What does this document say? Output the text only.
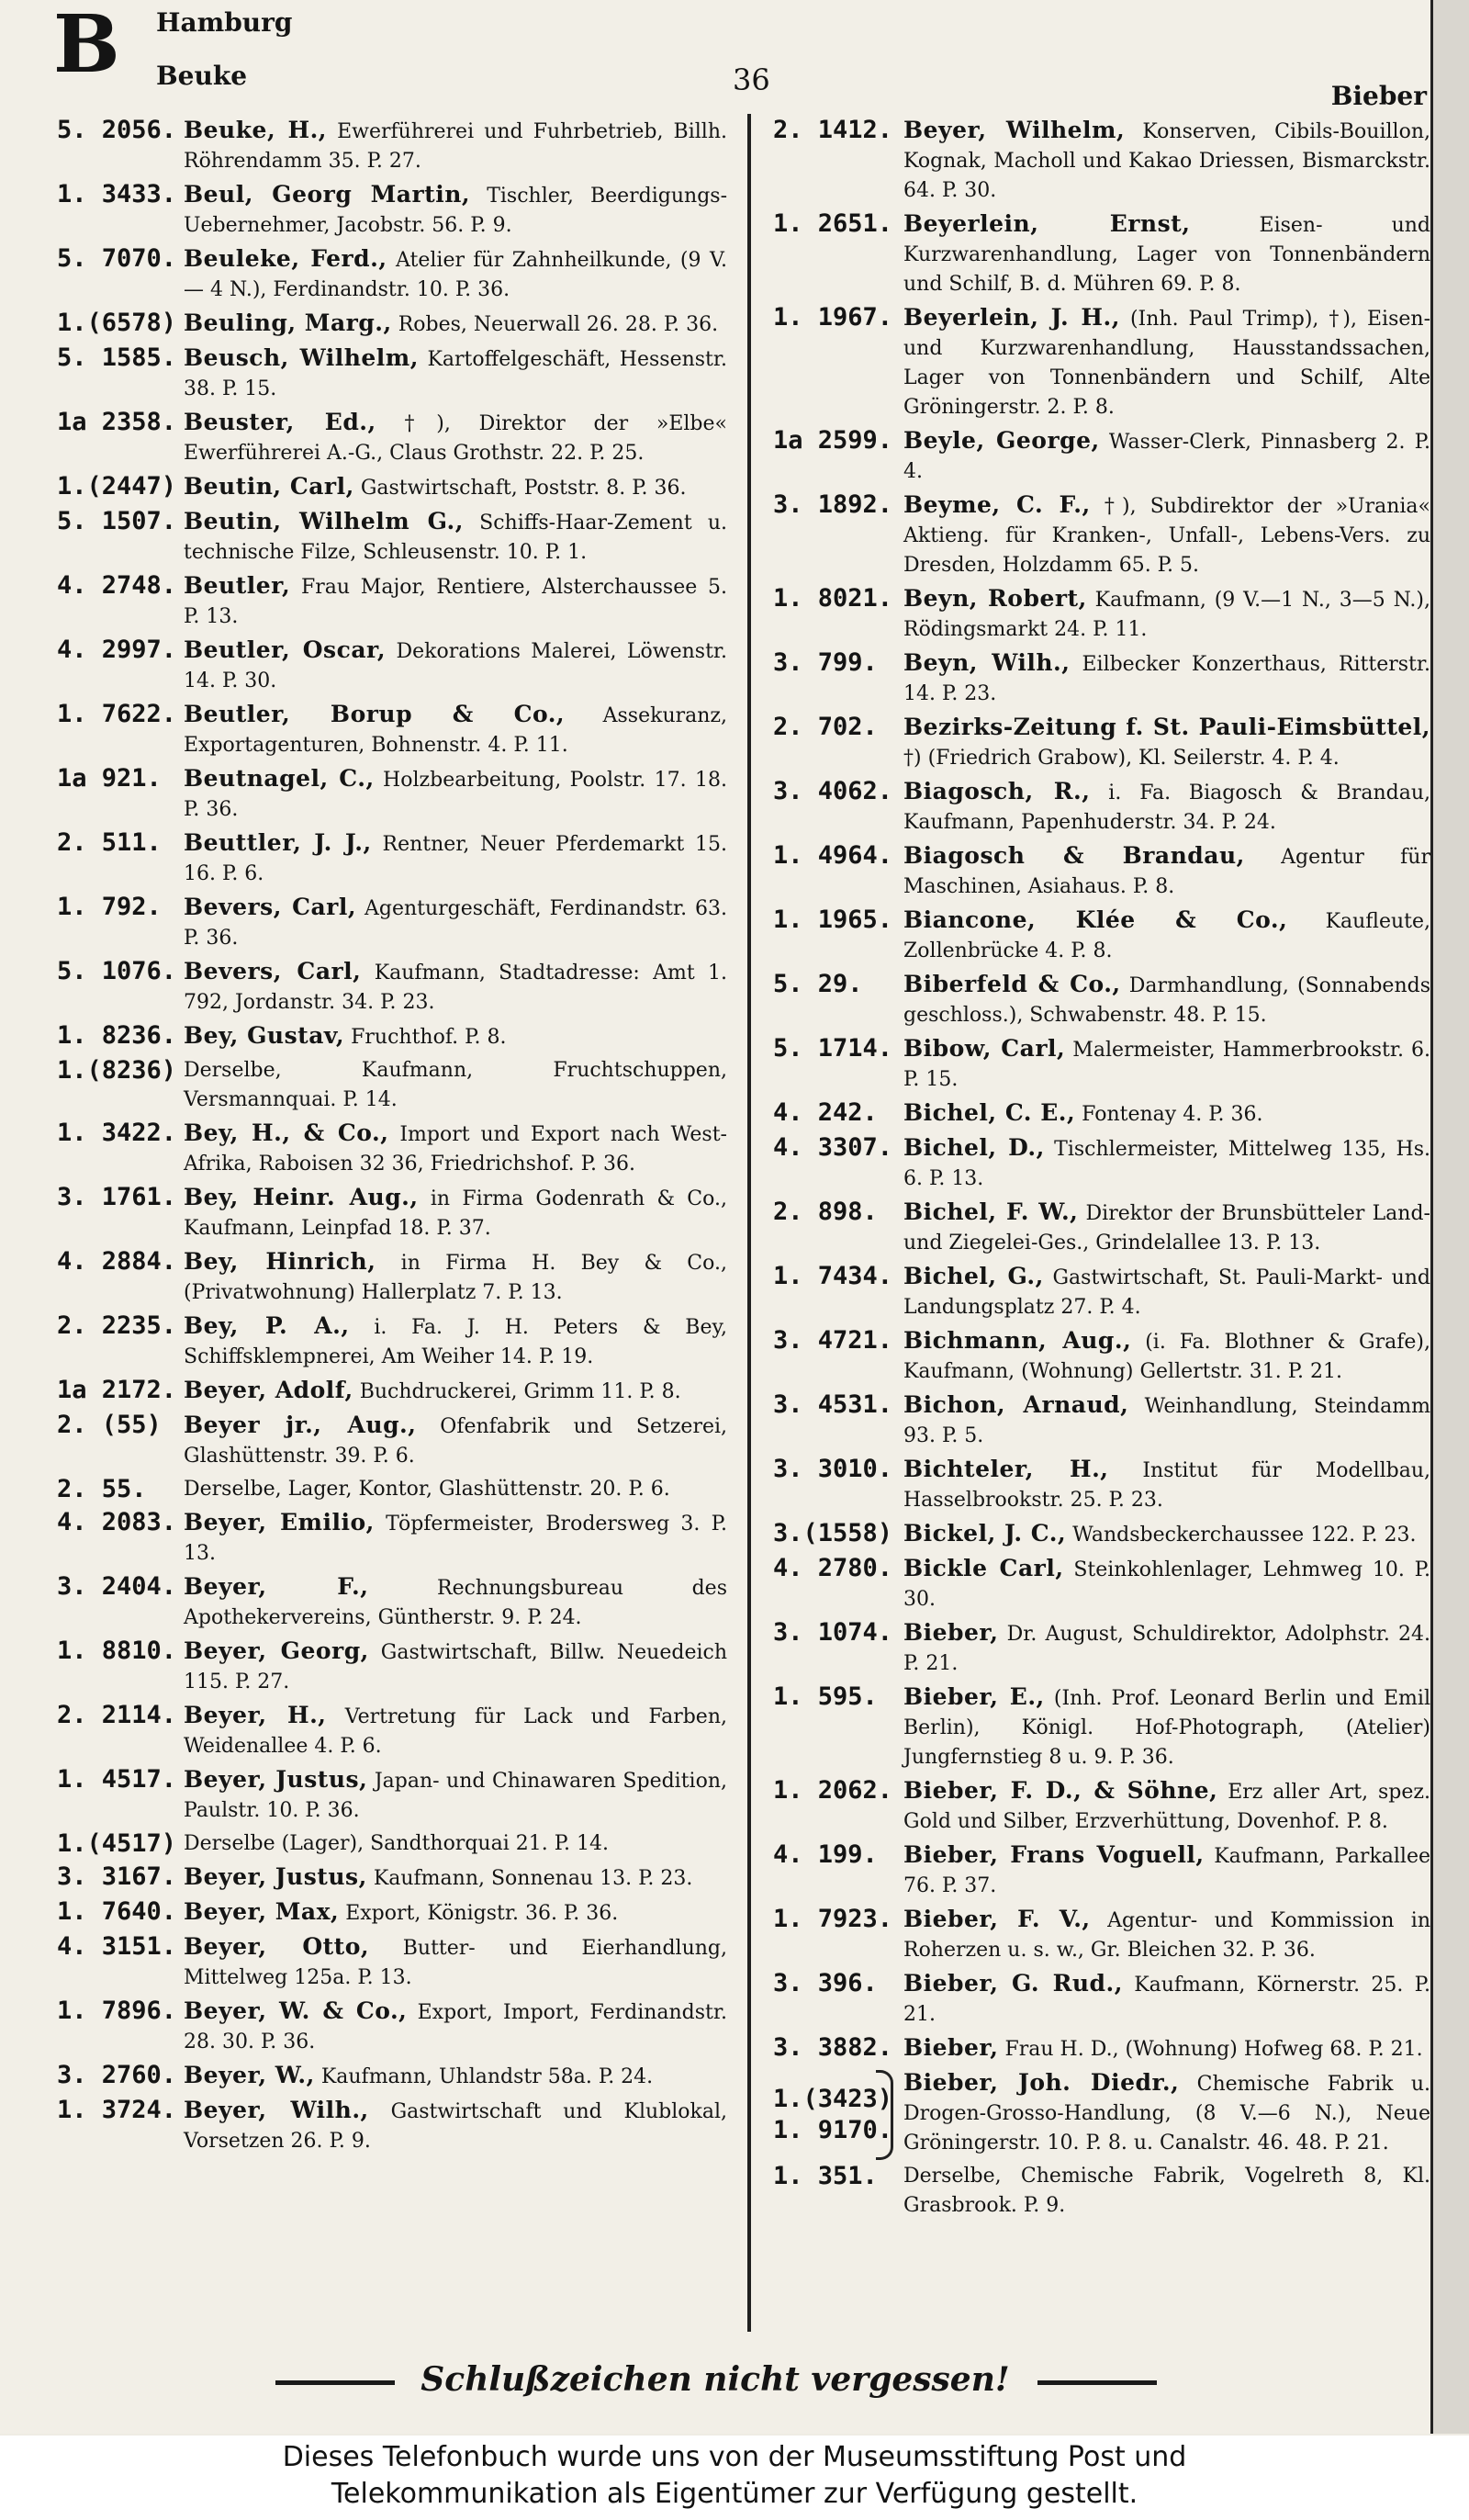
B Hamburg
Beuke	36	Bieber
5. 2056. Beuke, H., Ewerführerei und Fuhrbetrieb, Billh. Röhrendamm 35. P. 27.
1. 3433. Beul, Georg Martin, Tischler, Beerdigungs-Uebernehmer, Jacobstr. 56. P. 9.
5. 7070. Beuleke, Ferd., Atelier für Zahnheilkunde, (9 V. — 4 N.), Ferdinandstr. 10. P. 36.
1.(6578) Beuling, Marg., Robes, Neuerwall 26. 28. P. 36.
5. 1585. Beusch, Wilhelm, Kartoffelgeschäft, Hessenstr. 38. P. 15.
1a 2358. Beuster, Ed., †), Direktor der »Elbe« Ewerführerei A.-G., Claus Grothstr. 22. P. 25.
1.(2447) Beutin, Carl, Gastwirtschaft, Poststr. 8. P. 36.
5. 1507. Beutin, Wilhelm G., Schiffs-Haar-Zement u. technische Filze, Schleusenstr. 10. P. 1.
4. 2748. Beutler, Frau Major, Rentiere, Alsterchaussee 5. P. 13.
4. 2997. Beutler, Oscar, Dekorations Malerei, Löwenstr. 14. P. 30.
1. 7622. Beutler, Borup & Co., Assekuranz, Exportagenturen, Bohnenstr. 4. P. 11.
1a 921. Beutnagel, C., Holzbearbeitung, Poolstr. 17. 18. P. 36.
2. 511. Beuttler, J. J., Rentner, Neuer Pferdemarkt 15. 16. P. 6.
1. 792. Bevers, Carl, Agenturgeschäft, Ferdinandstr. 63. P. 36.
5. 1076. Bevers, Carl, Kaufmann, Stadtadresse: Amt 1. 792, Jordanstr. 34. P. 23.
1. 8236. Bey, Gustav, Fruchthof. P. 8.
1.(8236) Derselbe, Kaufmann, Fruchtschuppen, Versmannquai. P. 14.
1. 3422. Bey, H., & Co., Import und Export nach West-Afrika, Raboisen 32 36, Friedrichshof. P. 36.
3. 1761. Bey, Heinr. Aug., in Firma Godenrath & Co., Kaufmann, Leinpfad 18. P. 37.
4. 2884. Bey, Hinrich, in Firma H. Bey & Co., (Privatwohnung) Hallerplatz 7. P. 13.
2. 2235. Bey, P. A., i. Fa. J. H. Peters & Bey, Schiffsklempnerei, Am Weiher 14. P. 19.
1a 2172. Beyer, Adolf, Buchdruckerei, Grimm 11. P. 8.
2. (55) Beyer jr., Aug., Ofenfabrik und Setzerei, Glashüttenstr. 39. P. 6.
2. 55. Derselbe, Lager, Kontor, Glashüttenstr. 20. P. 6.
4. 2083. Beyer, Emilio, Töpfermeister, Brodersweg 3. P. 13.
3. 2404. Beyer, F.,	Rechnungsbureau des Apothekervereins, Güntherstr. 9. P. 24.
1. 8810. Beyer, Georg, Gastwirtschaft, Billw. Neuedeich 115. P. 27.
2. 2114. Beyer, H., Vertretung für Lack und Farben, Weidenallee 4. P. 6.
1. 4517. Beyer, Justus, Japan- und Chinawaren Spedition, Paulstr. 10. P. 36.
1.(4517) Derselbe (Lager), Sandthorquai 21. P. 14.
3. 3167. Beyer, Justus, Kaufmann, Sonnenau 13. P. 23.
1. 7640. Beyer, Max, Export, Königstr. 36. P. 36.
4. 3151. Beyer, Otto, Butter- und Eierhandlung, Mittelweg 125a. P. 13.
1. 7896. Beyer, W. & Co., Export, Import, Ferdinandstr. 28. 30. P. 36.
3. 2760. Beyer, W., Kaufmann, Uhlandstr 58a. P. 24.
1. 3724. Beyer, Wilh., Gastwirtschaft und Klublokal, Vorsetzen 26. P. 9.
2. 1412. Beyer, Wilhelm, Konserven, Cibils-Bouillon, Kognak, Macholl und Kakao Driessen, Bismarckstr. 64. P. 30.
1. 2651. Beyerlein, Ernst,	Eisen- und Kurzwarenhandlung, Lager von Tonnenbändern und Schilf, B. d. Mühren 69. P. 8.
1. 1967. Beyerlein, J. H., (Inh. Paul Trimp), †), Eisen- und Kurzwarenhandlung, Hausstandssachen, Lager von Tonnenbändern und Schilf, Alte Gröningerstr. 2. P. 8.
1a 2599. Beyle, George, Wasser-Clerk, Pinnasberg 2. P. 4.
3. 1892. Beyme, C. F., †), Subdirektor der »Urania« Aktieng. für Kranken-, Unfall-, Lebens-Vers. zu Dresden, Holzdamm 65. P. 5.
1. 8021. Beyn, Robert, Kaufmann, (9 V.—1 N., 3—5 N.), Rödingsmarkt 24. P. 11.
3. 799. Beyn, Wilh., Eilbecker Konzerthaus, Ritterstr. 14. P. 23.
2. 702. Bezirks-Zeitung f. St. Pauli-Eimsbüttel, †) (Friedrich Grabow), Kl. Seilerstr. 4. P. 4.
3. 4062. Biagosch, R., i. Fa. Biagosch & Brandau, Kaufmann, Papenhuderstr. 34. P. 24.
1. 4964. Biagosch & Brandau, Agentur für Maschinen, Asiahaus. P. 8.
1. 1965. Biancone, Klée & Co., Kaufleute, Zollenbrücke 4. P. 8.
5. 29. Biberfeld & Co., Darmhandlung, (Sonnabends geschloss.), Schwabenstr. 48. P. 15.
5. 1714. Bibow, Carl, Malermeister, Hammerbrookstr. 6. P. 15.
4. 242. Bichel, C. E., Fontenay 4. P. 36.
4. 3307. Bichel, D., Tischlermeister, Mittelweg 135, Hs. 6. P. 13.
2. 898. Bichel, F. W., Direktor der Brunsbütteler Land- und Ziegelei-Ges., Grindelallee 13. P. 13.
1. 7434. Bichel, G., Gastwirtschaft, St. Pauli-Markt- und Landungsplatz 27. P. 4.
3. 4721. Bichmann, Aug., (i. Fa. Blothner & Grafe), Kaufmann, (Wohnung) Gellertstr. 31. P. 21.
3. 4531. Bichon, Arnaud, Weinhandlung, Steindamm 93. P. 5.
3. 3010. Bichteler, H., Institut für Modellbau, Hasselbrookstr. 25. P. 23.
3.(1558) Bickel, J. C., Wandsbeckerchaussee 122. P. 23.
4. 2780. Bickle Carl, Steinkohlenlager, Lehmweg 10. P. 30.
3. 1074. Bieber, Dr. August, Schuldirektor, Adolphstr. 24. P. 21.
1. 595. Bieber, E., (Inh. Prof. Leonard Berlin und Emil Berlin), Königl. Hof-Photograph, (Atelier) Jungfernstieg 8 u. 9. P. 36.
1. 2062. Bieber, F. D., & Söhne, Erz aller Art, spez. Gold und Silber, Erzverhüttung, Dovenhof. P. 8.
4. 199. Bieber, Frans Voguell, Kaufmann, Parkallee 76. P. 37.
1. 7923. Bieber, F. V., Agentur- und Kommission in Roherzen u. s. w., Gr. Bleichen 32. P. 36.
3. 396. Bieber, G. Rud., Kaufmann, Körnerstr. 25. P. 21.
3. 3882. Bieber, Frau H. D., (Wohnung) Hofweg 68. P. 21.
1.(3423)
1. 9170.
Bieber, Joh. Diedr., Chemische Fabrik u. Drogen-Grosso-Handlung, (8 V.—6 N.), Neue Gröningerstr. 10. P. 8. u. Canalstr. 46. 48. P. 21.
1. 351. Derselbe, Chemische Fabrik, Vogelreth 8, Kl. Grasbrook. P. 9.
Schlußzeichen nicht vergessen!
Dieses Telefonbuch wurde uns von der Museumsstiftung Post und
Telekommunikation als Eigentümer zur Verfügung gestellt.
